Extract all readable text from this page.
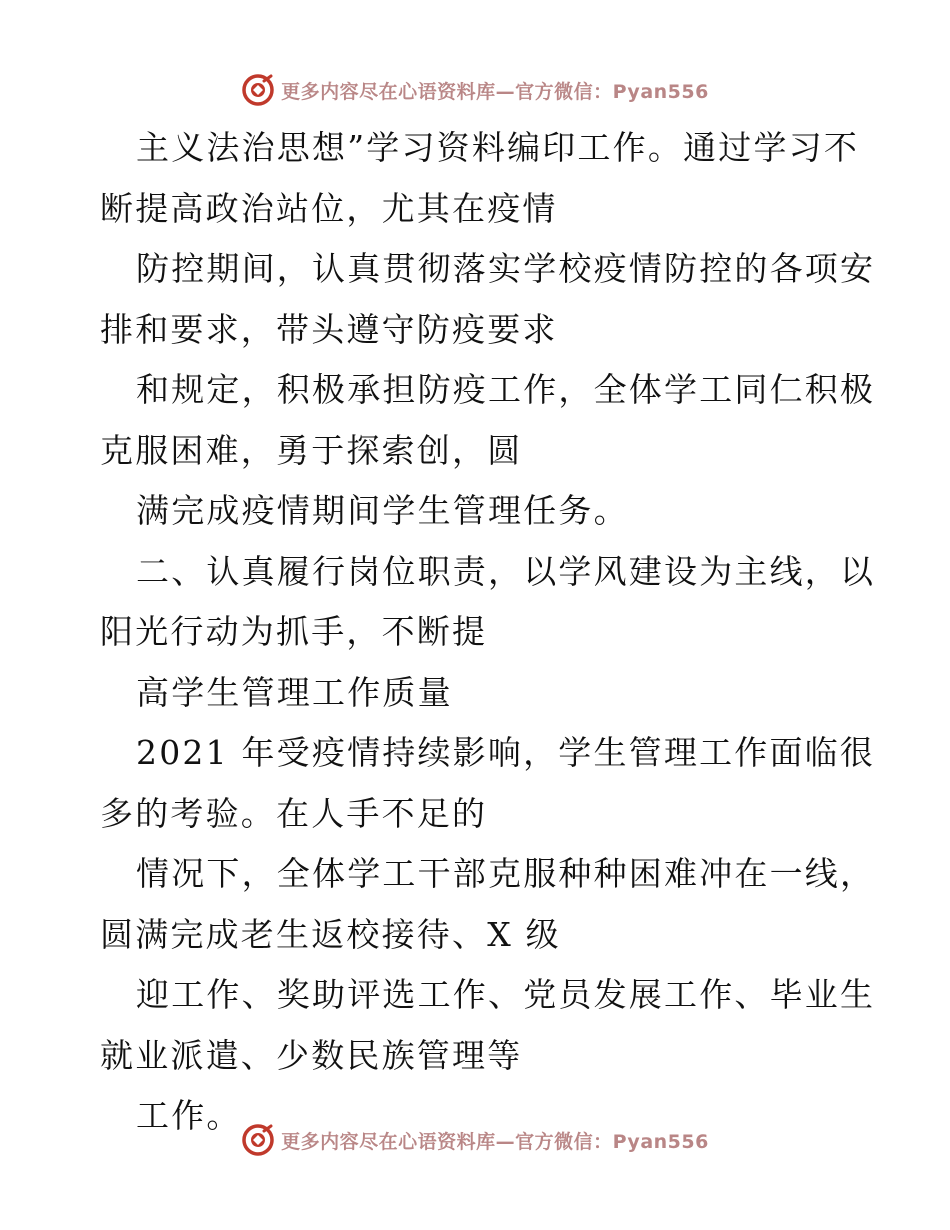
更多内容尽在心语资料库—官方微信：Pyan556
主义法治思想”学习资料编印工作。通过学习不
断提高政治站位，尤其在疫情
防控期间，认真贯彻落实学校疫情防控的各项安
排和要求，带头遵守防疫要求
和规定，积极承担防疫工作，全体学工同仁积极
克服困难，勇于探索创，圆
满完成疫情期间学生管理任务。
二、认真履行岗位职责，以学风建设为主线，以
阳光行动为抓手，不断提
高学生管理工作质量
2021 年受疫情持续影响，学生管理工作面临很
多的考验。在人手不足的
情况下，全体学工干部克服种种困难冲在一线，
圆满完成老生返校接待、X 级
迎工作、奖助评选工作、党员发展工作、毕业生
就业派遣、少数民族管理等
工作。
更多内容尽在心语资料库—官方微信：Pyan556
